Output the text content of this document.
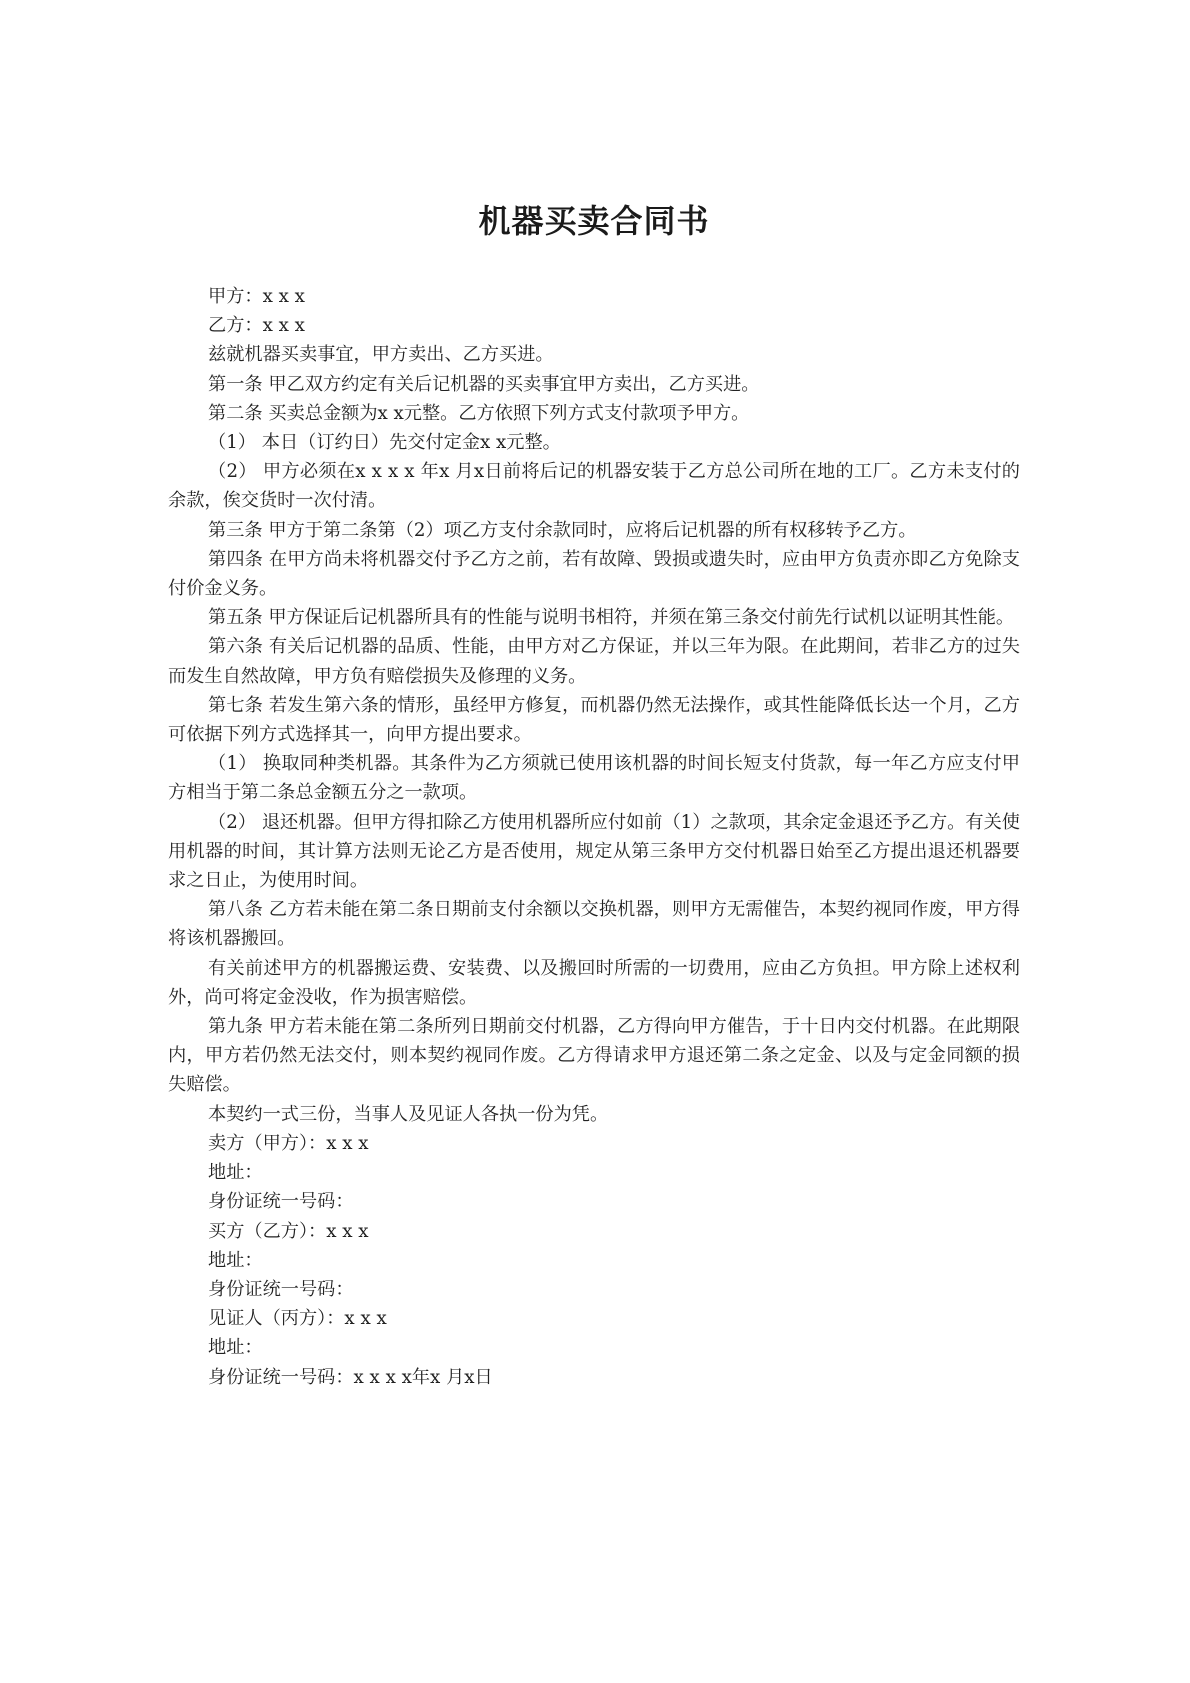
机器买卖合同书

甲方：x x x

乙方：x x x

兹就机器买卖事宜，甲方卖出、乙方买进。

第一条 甲乙双方约定有关后记机器的买卖事宜甲方卖出，乙方买进。

第二条 买卖总金额为x x元整。乙方依照下列方式支付款项予甲方。

（1） 本日（订约日）先交付定金x x元整。

（2） 甲方必须在x x x x 年x 月x日前将后记的机器安装于乙方总公司所在地的工厂。乙方未支付的余款，俟交货时一次付清。

第三条 甲方于第二条第（2）项乙方支付余款同时，应将后记机器的所有权移转予乙方。

第四条 在甲方尚未将机器交付予乙方之前，若有故障、毁损或遗失时，应由甲方负责亦即乙方免除支付价金义务。

第五条 甲方保证后记机器所具有的性能与说明书相符，并须在第三条交付前先行试机以证明其性能。

第六条 有关后记机器的品质、性能，由甲方对乙方保证，并以三年为限。在此期间，若非乙方的过失而发生自然故障，甲方负有赔偿损失及修理的义务。

第七条 若发生第六条的情形，虽经甲方修复，而机器仍然无法操作，或其性能降低长达一个月，乙方可依据下列方式选择其一，向甲方提出要求。

（1） 换取同种类机器。其条件为乙方须就已使用该机器的时间长短支付货款，每一年乙方应支付甲方相当于第二条总金额五分之一款项。

（2） 退还机器。但甲方得扣除乙方使用机器所应付如前（1）之款项，其余定金退还予乙方。有关使用机器的时间，其计算方法则无论乙方是否使用，规定从第三条甲方交付机器日始至乙方提出退还机器要求之日止，为使用时间。

第八条 乙方若未能在第二条日期前支付余额以交换机器，则甲方无需催告，本契约视同作废，甲方得将该机器搬回。

有关前述甲方的机器搬运费、安装费、以及搬回时所需的一切费用，应由乙方负担。甲方除上述权利外，尚可将定金没收，作为损害赔偿。

第九条 甲方若未能在第二条所列日期前交付机器，乙方得向甲方催告，于十日内交付机器。在此期限内，甲方若仍然无法交付，则本契约视同作废。乙方得请求甲方退还第二条之定金、以及与定金同额的损失赔偿。

本契约一式三份，当事人及见证人各执一份为凭。

卖方（甲方）：x x x

地址：

身份证统一号码：

买方（乙方）：x x x

地址：

身份证统一号码：

见证人（丙方）：x x x

地址：

身份证统一号码：x x x x年x 月x日
